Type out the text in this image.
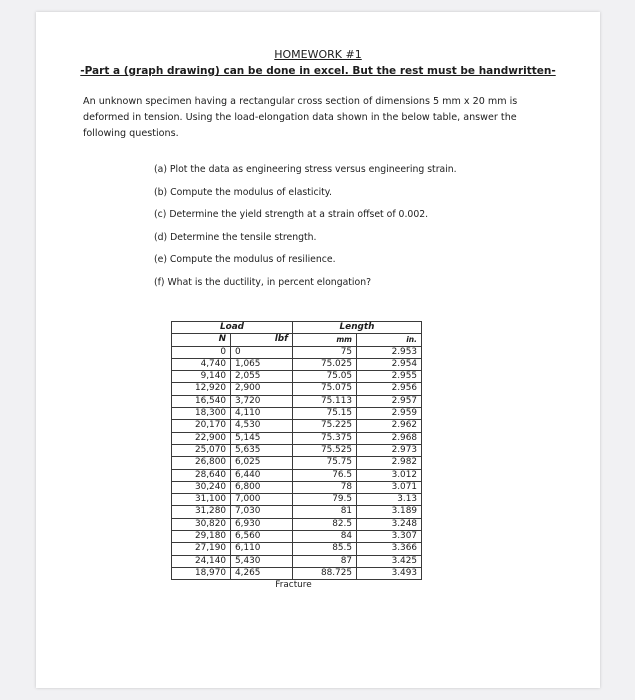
HOMEWORK #1
-Part a (graph drawing) can be done in excel. But the rest must be handwritten-
An unknown specimen having a rectangular cross section of dimensions 5 mm x 20 mm is deformed in tension. Using the load-elongation data shown in the below table, answer the following questions.
(a) Plot the data as engineering stress versus engineering strain.
(b) Compute the modulus of elasticity.
(c) Determine the yield strength at a strain offset of 0.002.
(d) Determine the tensile strength.
(e) Compute the modulus of resilience.
(f) What is the ductility, in percent elongation?
Load		Length	
N	lbf	mm	in.
0	0	75	2.953
4,740	1,065	75.025	2.954
9,140	2,055	75.05	2.955
12,920	2,900	75.075	2.956
16,540	3,720	75.113	2.957
18,300	4,110	75.15	2.959
20,170	4,530	75.225	2.962
22,900	5,145	75.375	2.968
25,070	5,635	75.525	2.973
26,800	6,025	75.75	2.982
28,640	6,440	76.5	3.012
30,240	6,800	78	3.071
31,100	7,000	79.5	3.13
31,280	7,030	81	3.189
30,820	6,930	82.5	3.248
29,180	6,560	84	3.307
27,190	6,110	85.5	3.366
24,140	5,430	87	3.425
18,970	4,265	88.725	3.493
	Fracture		
